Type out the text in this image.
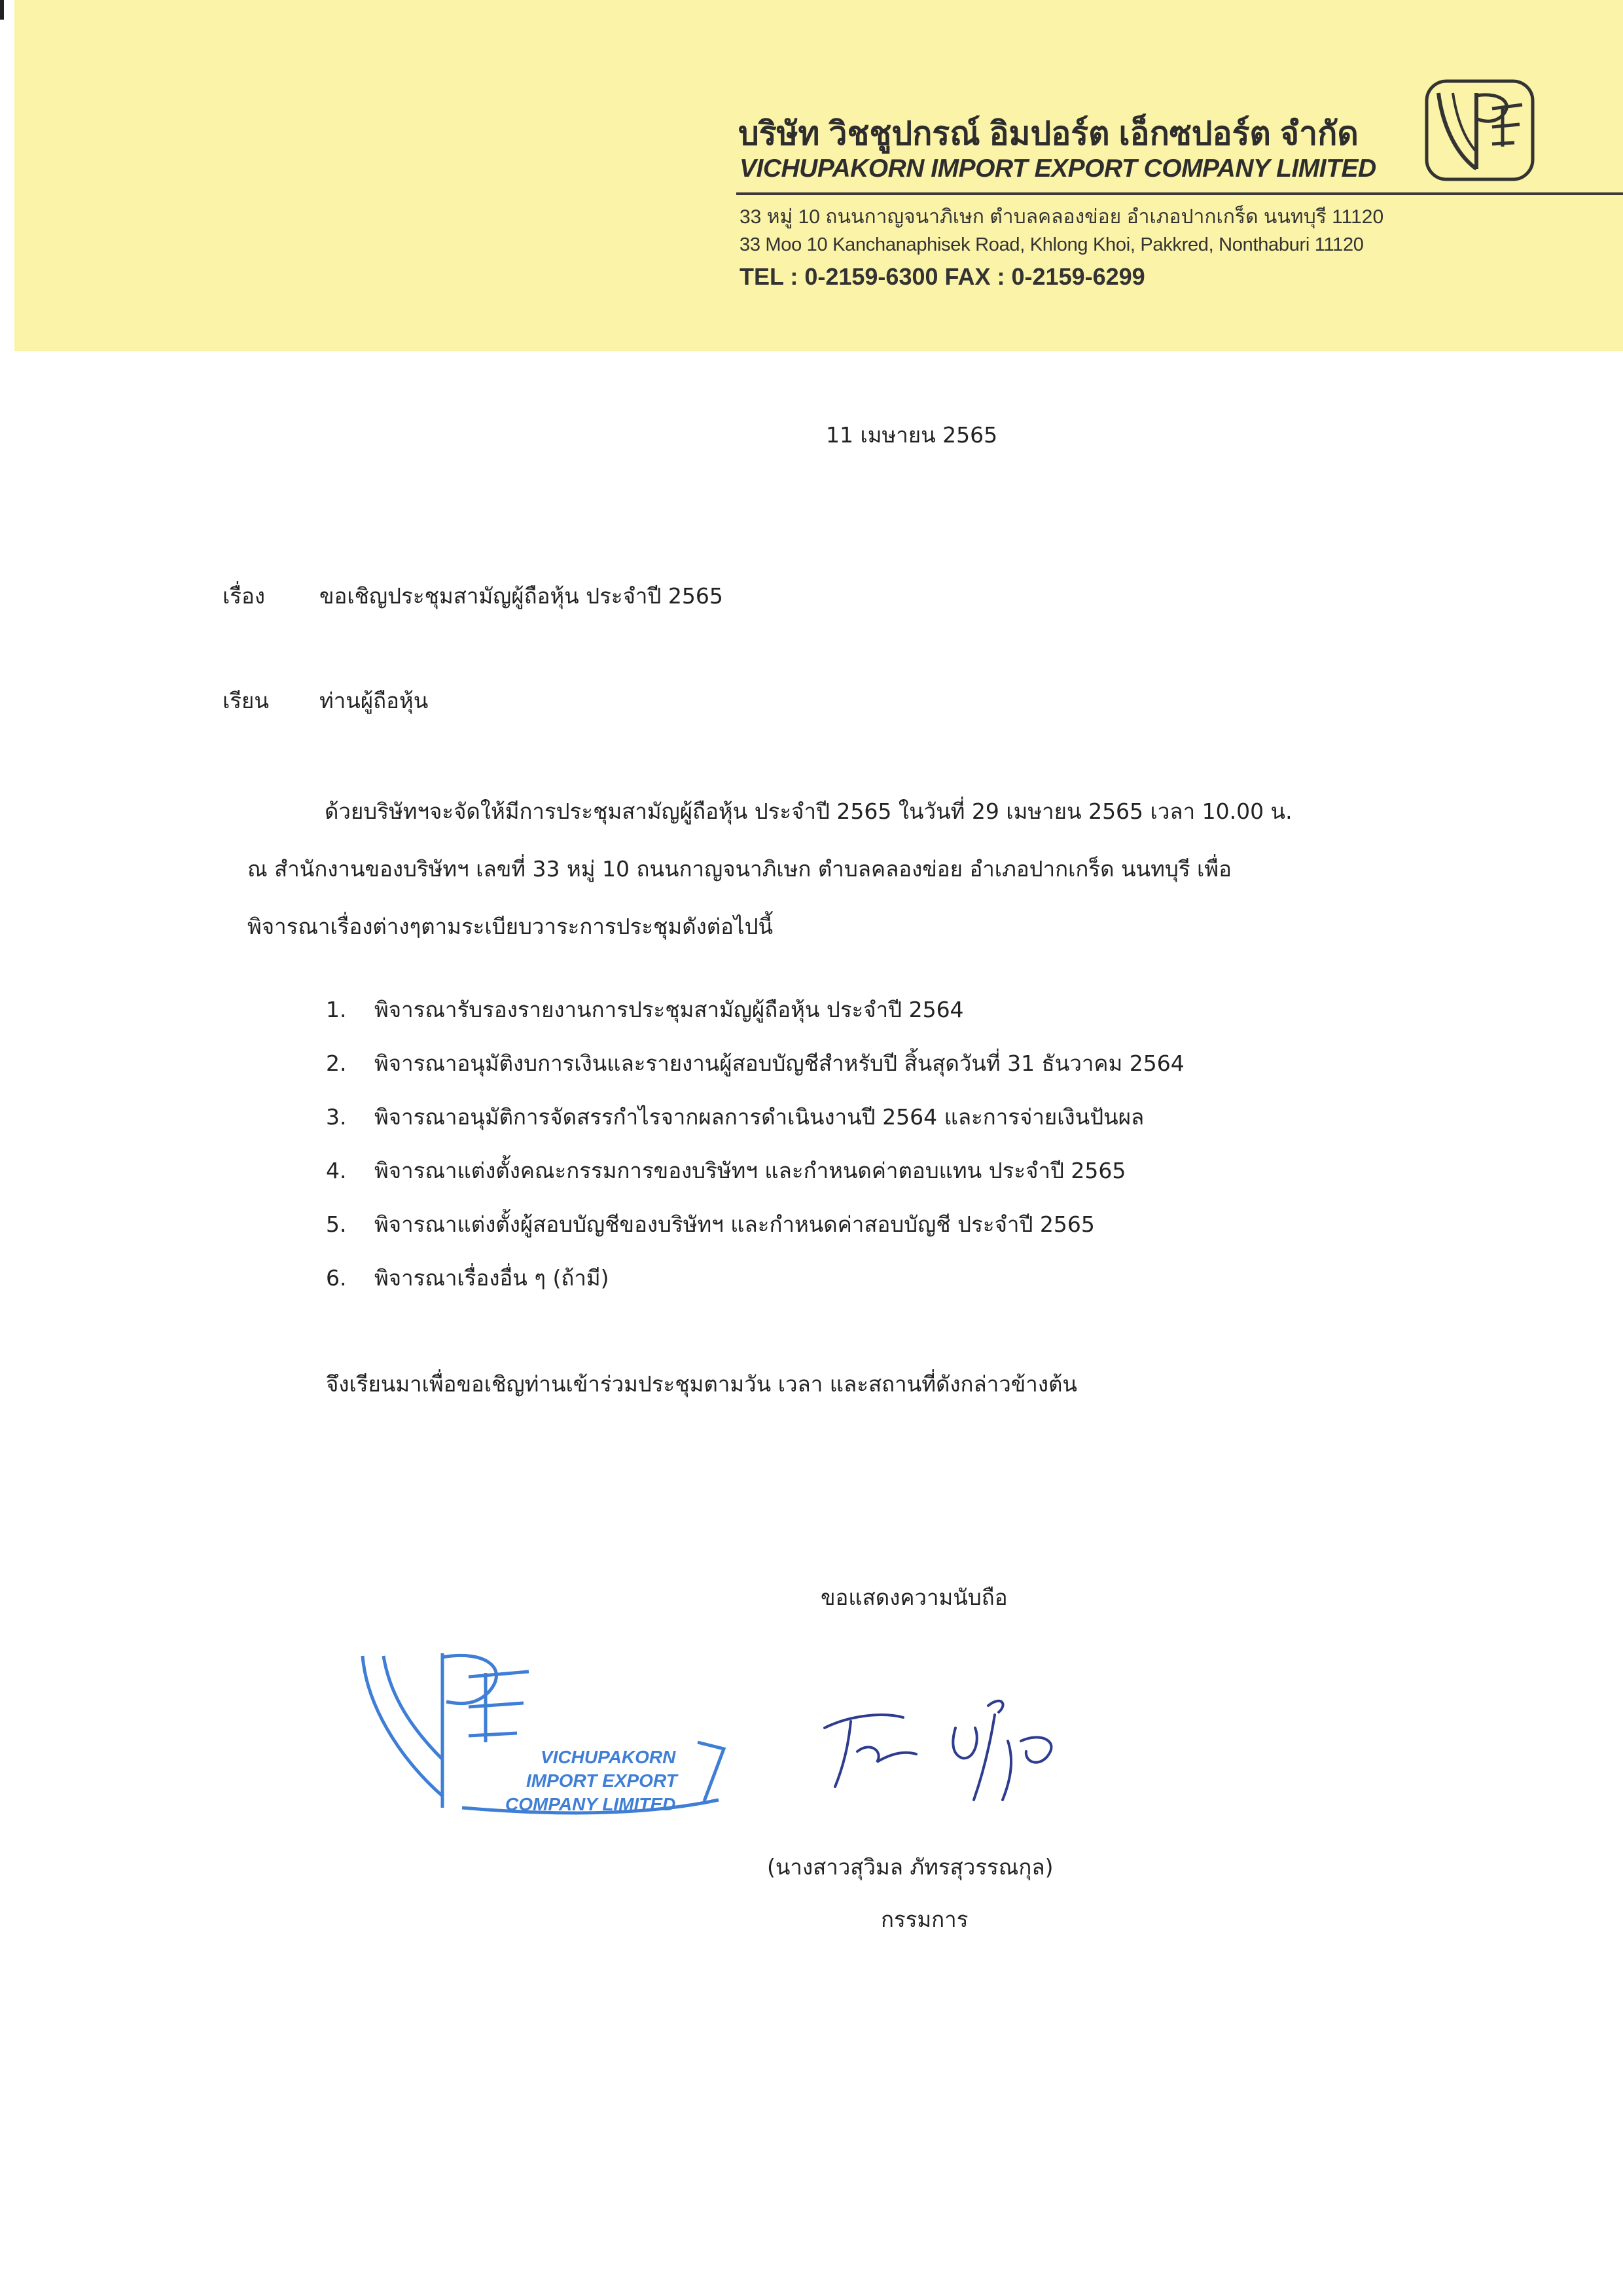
บริษัท วิชชูปกรณ์ อิมปอร์ต เอ็กซปอร์ต จำกัด
VICHUPAKORN IMPORT EXPORT COMPANY LIMITED
33 หมู่ 10 ถนนกาญจนาภิเษก ตำบลคลองข่อย อำเภอปากเกร็ด นนทบุรี 11120
33 Moo 10 Kanchanaphisek Road, Khlong Khoi, Pakkred, Nonthaburi 11120
TEL : 0-2159-6300 FAX : 0-2159-6299
11 เมษายน 2565
เรื่อง	ขอเชิญประชุมสามัญผู้ถือหุ้น ประจำปี 2565
เรียน ท่านผู้ถือหุ้น
ด้วยบริษัทฯจะจัดให้มีการประชุมสามัญผู้ถือหุ้น ประจำปี 2565 ในวันที่ 29 เมษายน 2565 เวลา 10.00 น.
ณ สำนักงานของบริษัทฯ เลขที่ 33 หมู่ 10 ถนนกาญจนาภิเษก ตำบลคลองข่อย อำเภอปากเกร็ด นนทบุรี เพื่อ
พิจารณาเรื่องต่างๆตามระเบียบวาระการประชุมดังต่อไปนี้
1. พิจารณารับรองรายงานการประชุมสามัญผู้ถือหุ้น ประจำปี 2564
2. พิจารณาอนุมัติงบการเงินและรายงานผู้สอบบัญชีสำหรับปี สิ้นสุดวันที่ 31 ธันวาคม 2564
3. พิจารณาอนุมัติการจัดสรรกำไรจากผลการดำเนินงานปี 2564 และการจ่ายเงินปันผล
4. พิจารณาแต่งตั้งคณะกรรมการของบริษัทฯ และกำหนดค่าตอบแทน ประจำปี 2565
5. พิจารณาแต่งตั้งผู้สอบบัญชีของบริษัทฯ และกำหนดค่าสอบบัญชี ประจำปี 2565
6. พิจารณาเรื่องอื่น ๆ (ถ้ามี)
จึงเรียนมาเพื่อขอเชิญท่านเข้าร่วมประชุมตามวัน เวลา และสถานที่ดังกล่าวข้างต้น
ขอแสดงความนับถือ
VICHUPAKORN
IMPORT EXPORT
COMPANY LIMITED
(นางสาวสุวิมล ภัทรสุวรรณกุล)
กรรมการ
